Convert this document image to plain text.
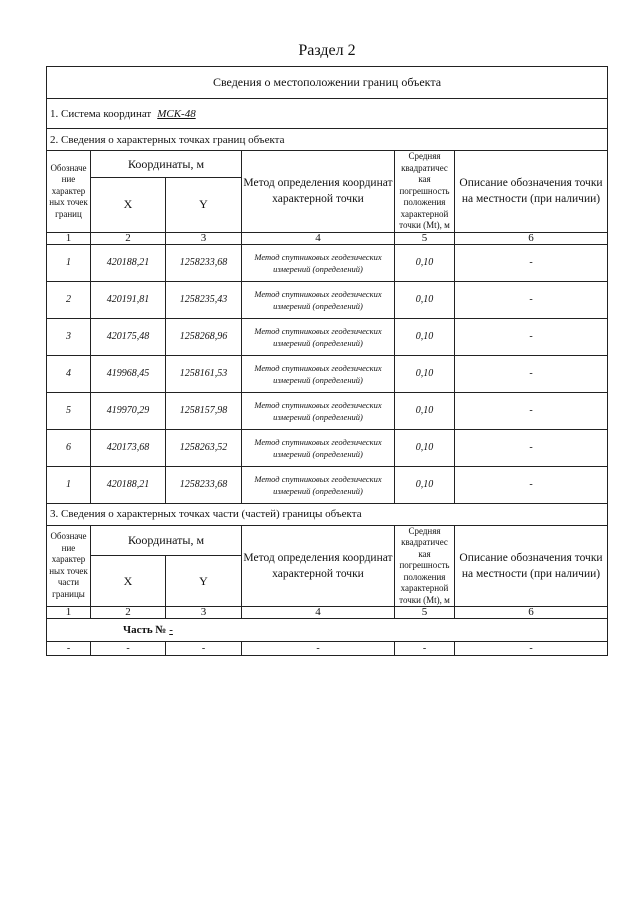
Раздел 2
Сведения о местоположении границ объекта					
1. Система координат МСК-48					
2. Сведения о характерных точках границ объекта					
Обозначе ние характер ных точек границ	Координаты, м		Метод определения координат характерной точки	Средняя квадратичес кая погрешность положения характерной точки (Mt), м	Описание обозначения точки на местности (при наличии)
	X	Y			
1	2	3	4	5	6
1	420188,21	1258233,68	Метод спутниковых геодезических измерений (определений)	0,10	-
2	420191,81	1258235,43	Метод спутниковых геодезических измерений (определений)	0,10	-
3	420175,48	1258268,96	Метод спутниковых геодезических измерений (определений)	0,10	-
4	419968,45	1258161,53	Метод спутниковых геодезических измерений (определений)	0,10	-
5	419970,29	1258157,98	Метод спутниковых геодезических измерений (определений)	0,10	-
6	420173,68	1258263,52	Метод спутниковых геодезических измерений (определений)	0,10	-
1	420188,21	1258233,68	Метод спутниковых геодезических измерений (определений)	0,10	-
3. Сведения о характерных точках части (частей) границы объекта					
Обозначе ние характер ных точек части границы	Координаты, м		Метод определения координат характерной точки	Средняя квадратичес кая погрешность положения характерной точки (Mt), м	Описание обозначения точки на местности (при наличии)
	X	Y			
1	2	3	4	5	6
Часть № -					
-	-	-	-	-	-
